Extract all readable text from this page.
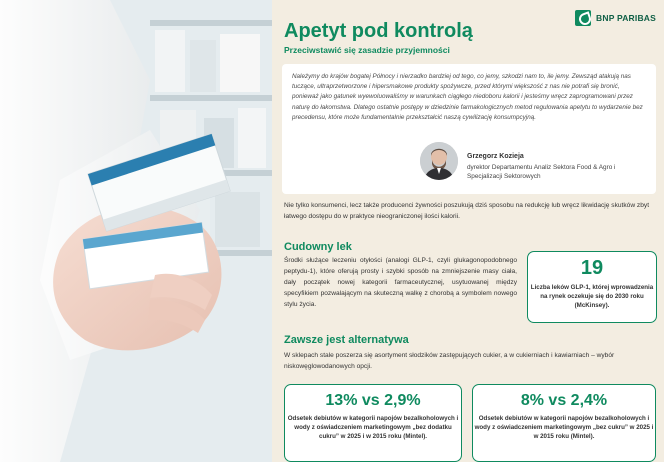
Apetyt pod kontrolą
Przeciwstawić się zasadzie przyjemności
BNP PARIBAS
Należymy do krajów bogatej Północy i nierzadko bardziej od tego, co jemy, szkodzi nam to, ile jemy. Zewsząd atakują nas tuczące, ultraprzetworzone i hipersmakowe produkty spożywcze, przed którymi większość z nas nie potrafi się bronić, ponieważ jako gatunek wyewoluowaliśmy w warunkach ciągłego niedoboru kalorii i jesteśmy wręcz zaprogramowani przez naturę do łakomstwa. Dlatego ostatnie postępy w dziedzinie farmakologicznych metod regulowania apetytu to wydarzenie bez precedensu, które może fundamentalnie przekształcić naszą cywilizację konsumpcyjną.
Grzegorz Kozieja
dyrektor Departamentu Analiz Sektora Food & Agro i Specjalizacji Sektorowych
Nie tylko konsumenci, lecz także producenci żywności poszukują dziś sposobu na redukcję lub wręcz likwidację skutków zbyt łatwego dostępu do w praktyce nieograniczonej ilości kalorii.
Cudowny lek
Środki służące leczeniu otyłości (analogi GLP-1, czyli glukagonopodobnego peptydu-1), które oferują prosty i szybki sposób na zmniejszenie masy ciała, dały początek nowej kategorii farmaceutycznej, usytuowanej między specyfikiem pozwalającym na skuteczną walkę z chorobą a symbolem nowego stylu życia.
19
Liczba leków GLP-1, której wprowadzenia na rynek oczekuje się do 2030 roku (McKinsey).
Zawsze jest alternatywa
W sklepach stale poszerza się asortyment słodzików zastępujących cukier, a w cukierniach i kawiarniach – wybór niskowęglowodanowych opcji.
13% vs 2,9%
Odsetek debiutów w kategorii napojów bezalkoholowych i wody z oświadczeniem marketingowym „bez dodatku cukru” w 2025 i w 2015 roku (Mintel).
8% vs 2,4%
Odsetek debiutów w kategorii napojów bezalkoholowych i wody z oświadczeniem marketingowym „bez cukru” w 2025 i w 2015 roku (Mintel).
